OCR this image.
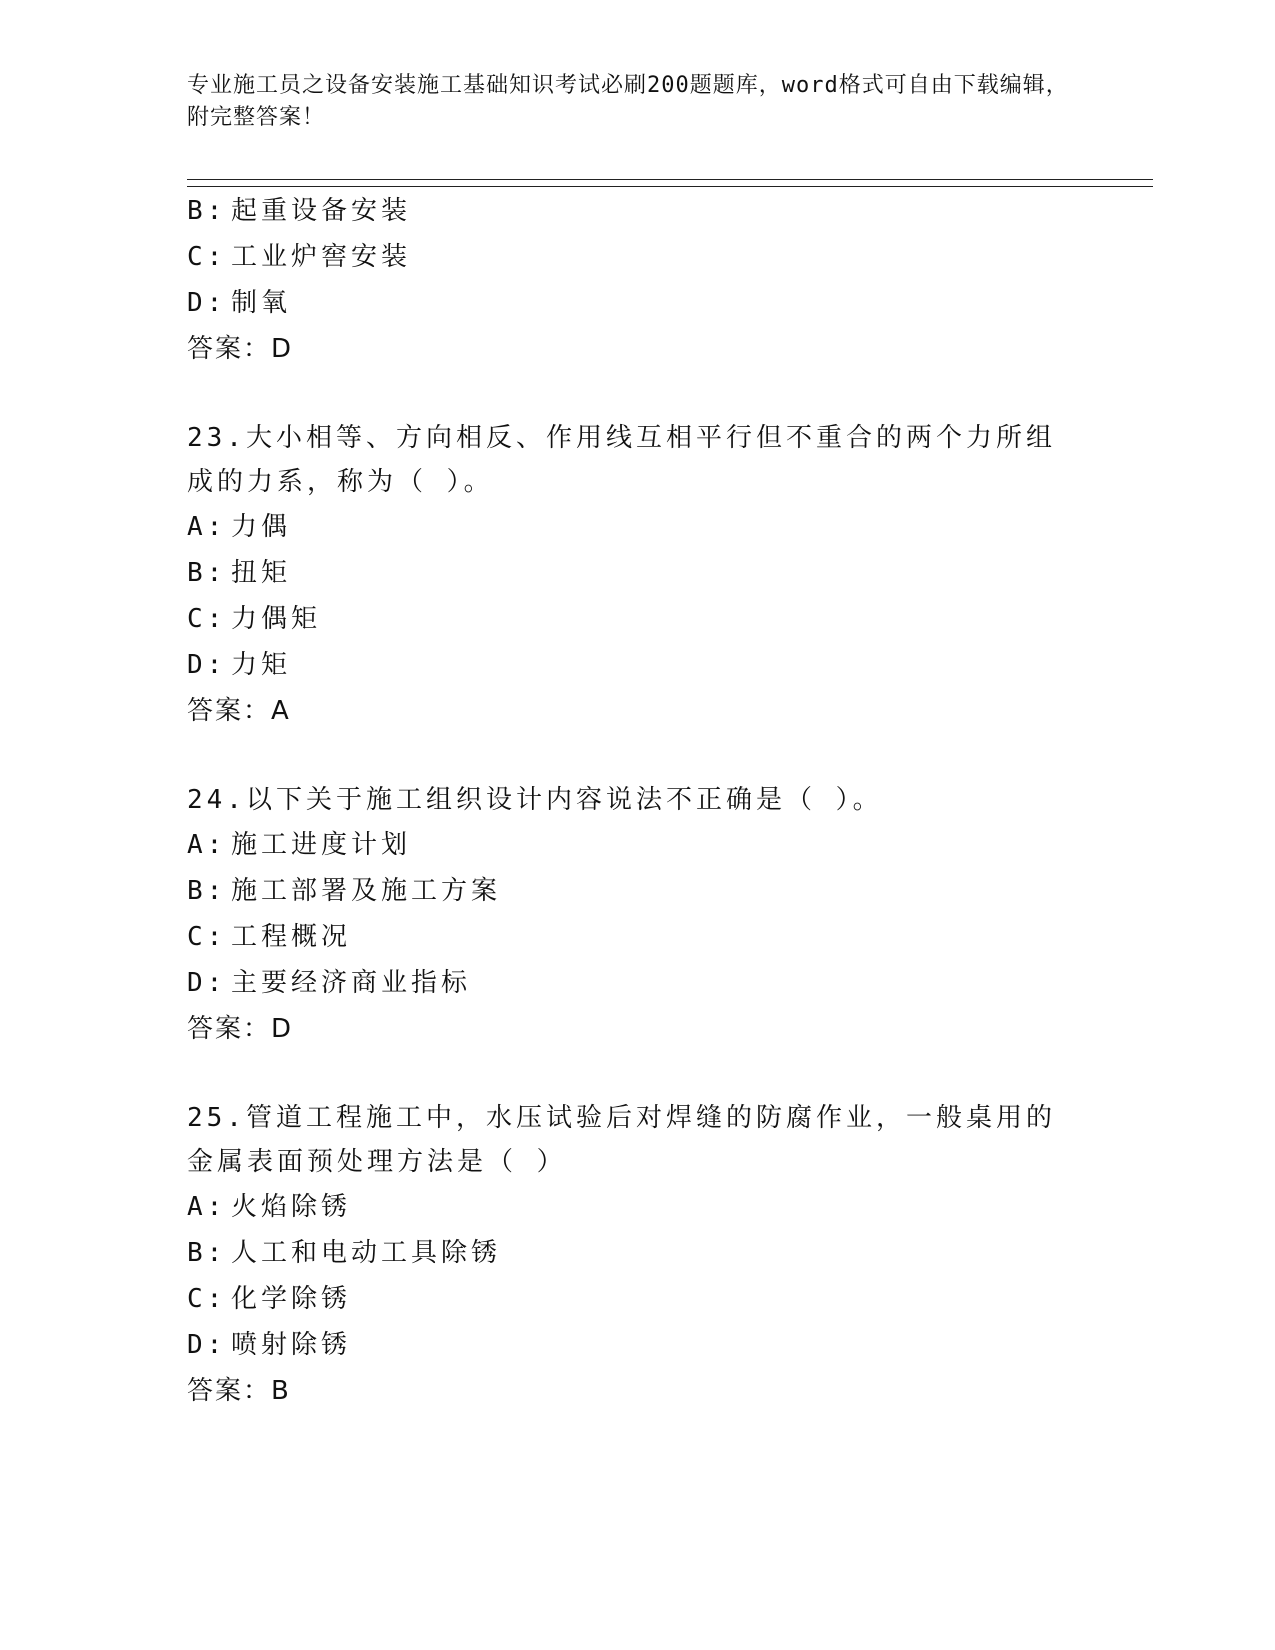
专业施工员之设备安装施工基础知识考试必刷200题题库，word格式可自由下载编辑，附完整答案！
B: 起重设备安装
C: 工业炉窖安装
D: 制氧
答案：D
23.大小相等、方向相反、作用线互相平行但不重合的两个力所组成的力系，称为（ ）。
A: 力偶
B: 扭矩
C: 力偶矩
D: 力矩
答案：A
24.以下关于施工组织设计内容说法不正确是（ ）。
A: 施工进度计划
B: 施工部署及施工方案
C: 工程概况
D: 主要经济商业指标
答案：D
25.管道工程施工中，水压试验后对焊缝的防腐作业，一般桌用的金属表面预处理方法是（ ）
A: 火焰除锈
B: 人工和电动工具除锈
C: 化学除锈
D: 喷射除锈
答案：B
